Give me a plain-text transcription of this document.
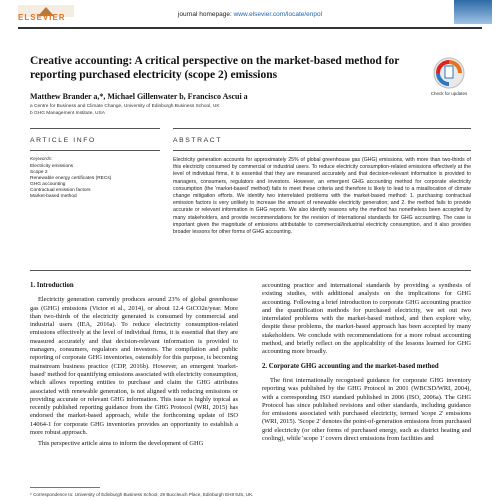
ELSEVIER	journal homepage: www.elsevier.com/locate/enpol
Creative accounting: A critical perspective on the market-based method for reporting purchased electricity (scope 2) emissions
Check for updates
Matthew Brander a,*, Michael Gillenwater b, Francisco Ascui a
a Centre for Business and Climate Change, University of Edinburgh Business School, UK
b GHG Management Institute, USA
ARTICLE INFO	ABSTRACT
Keywords:
Electricity emissions
Scope 2
Renewable energy certificates (RECs)
GHG accounting
Contractual emission factors
Market-based method
Electricity generation accounts for approximately 25% of global greenhouse gas (GHG) emissions, with more than two-thirds of this electricity consumed by commercial or industrial users. To reduce electricity consumption-related emissions effectively at the level of individual firms, it is essential that they are measured accurately and that decision-relevant information is provided to managers, consumers, regulators and investors. However, an emergent GHG accounting method for corporate electricity consumption (the 'market-based' method) fails to meet these criteria and therefore is likely to lead to a misallocation of climate change mitigation efforts. We identify two interrelated problems with the market-based method: 1. purchasing contractual emission factors is very unlikely to increase the amount of renewable electricity generation; and 2. the method fails to provide accurate or relevant information in GHG reports. We also identify reasons why the method has nonetheless been accepted by many stakeholders, and provide recommendations for the revision of international standards for GHG accounting. The case is important given the magnitude of emissions attributable to commercial/industrial electricity consumption, and it also provides broader lessons for other forms of GHG accounting.
1. Introduction

Electricity generation currently produces around 23% of global greenhouse gas (GHG) emissions (Victor et al., 2014), or about 12.4 GtCO2e/year. More than two-thirds of the electricity generated is consumed by commercial and industrial users (IEA, 2016a). To reduce electricity consumption-related emissions effectively at the level of individual firms, it is essential that they are measured accurately and that decision-relevant information is provided to managers, consumers, regulators and investors. The compilation and public reporting of corporate GHG inventories, ostensibly for this purpose, is becoming mainstream business practice (CDP, 2016b). However, an emergent 'market-based' method for quantifying emissions associated with electricity consumption, which allows reporting entities to purchase and claim the GHG attributes associated with renewable generation, is not aligned with reducing emissions or providing accurate or relevant GHG information. This issue is highly topical as recently published reporting guidance from the GHG Protocol (WRI, 2015) has endorsed the market-based approach, while the forthcoming update of ISO 14064-1 for corporate GHG inventories provides an opportunity to establish a more robust approach.

This perspective article aims to inform the development of GHG

accounting practice and international standards by providing a synthesis of existing studies, with additional analysis on the implications for GHG accounting. Following a brief introduction to corporate GHG accounting practice and the quantification methods for purchased electricity, we set out two interrelated problems with the market-based method, and then explore why, despite these problems, the market-based approach has been accepted by many stakeholders. We conclude with recommendations for a more robust accounting method, and briefly reflect on the applicability of the lessons learned for GHG accounting more broadly.

2. Corporate GHG accounting and the market-based method

The first internationally recognised guidance for corporate GHG inventory reporting was published by the GHG Protocol in 2001 (WBCSD/WRI, 2004), with a corresponding ISO standard published in 2006 (ISO, 2006a). The GHG Protocol has since published revisions and other standards, including guidance for emissions associated with purchased electricity, termed 'scope 2' emissions (WRI, 2015). 'Scope 2' denotes the point-of-generation emissions from purchased grid electricity (or other forms of purchased energy, such as district heating and cooling), while 'scope 1' covers direct emissions from facilities and

* Correspondence to: University of Edinburgh Business School, 29 Buccleuch Place, Edinburgh EH8 9JS, UK.
